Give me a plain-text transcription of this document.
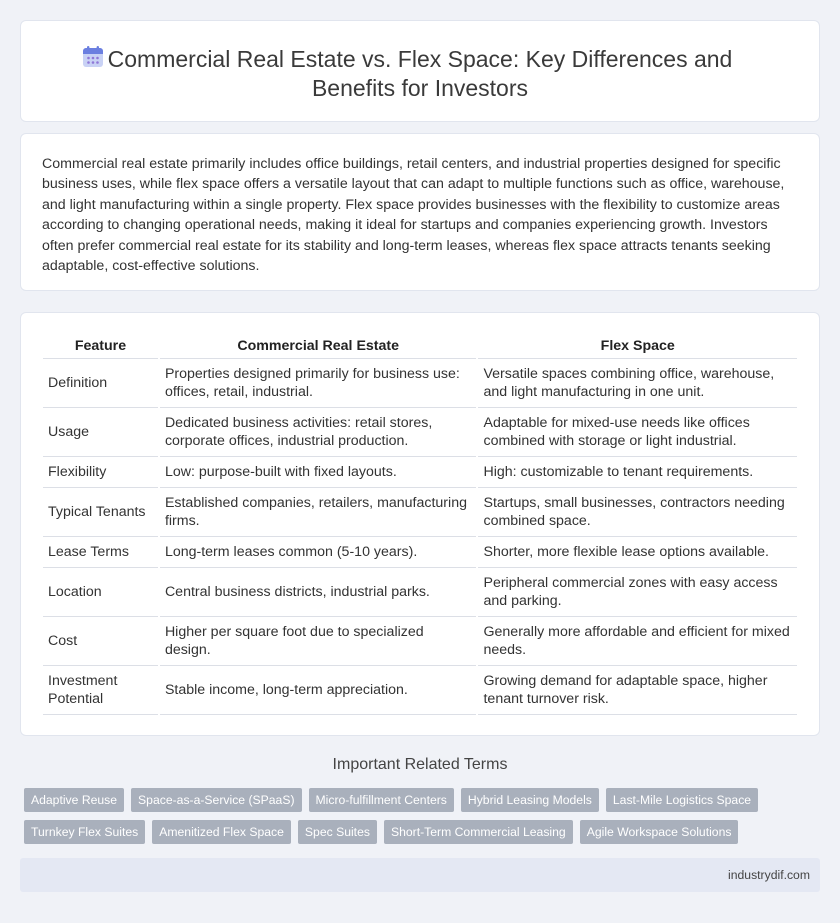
Commercial Real Estate vs. Flex Space: Key Differences and Benefits for Investors

Commercial real estate primarily includes office buildings, retail centers, and industrial properties designed for specific business uses, while flex space offers a versatile layout that can adapt to multiple functions such as office, warehouse, and light manufacturing within a single property. Flex space provides businesses with the flexibility to customize areas according to changing operational needs, making it ideal for startups and companies experiencing growth. Investors often prefer commercial real estate for its stability and long-term leases, whereas flex space attracts tenants seeking adaptable, cost-effective solutions.

Feature	Commercial Real Estate	Flex Space
Definition	Properties designed primarily for business use: offices, retail, industrial.	Versatile spaces combining office, warehouse, and light manufacturing in one unit.
Usage	Dedicated business activities: retail stores, corporate offices, industrial production.	Adaptable for mixed-use needs like offices combined with storage or light industrial.
Flexibility	Low: purpose-built with fixed layouts.	High: customizable to tenant requirements.
Typical Tenants	Established companies, retailers, manufacturing firms.	Startups, small businesses, contractors needing combined space.
Lease Terms	Long-term leases common (5-10 years).	Shorter, more flexible lease options available.
Location	Central business districts, industrial parks.	Peripheral commercial zones with easy access and parking.
Cost	Higher per square foot due to specialized design.	Generally more affordable and efficient for mixed needs.
Investment Potential	Stable income, long-term appreciation.	Growing demand for adaptable space, higher tenant turnover risk.
Important Related Terms
Adaptive Reuse	Space-as-a-Service (SPaaS)	Micro-fulfillment Centers	Hybrid Leasing Models	Last-Mile Logistics Space
Turnkey Flex Suites	Amenitized Flex Space	Spec Suites	Short-Term Commercial Leasing	Agile Workspace Solutions
industrydif.com
